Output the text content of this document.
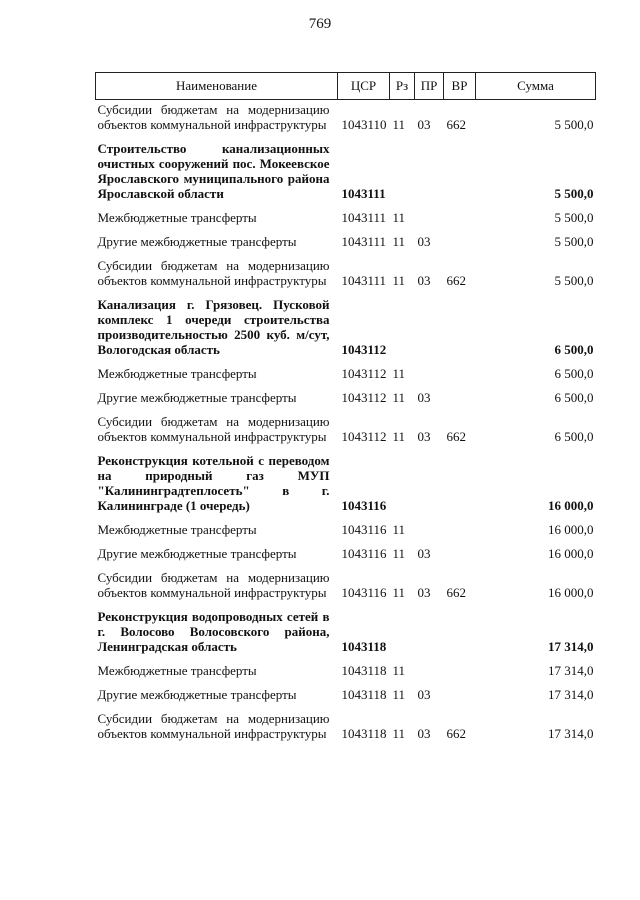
769
Наименование	ЦСР	Рз	ПР	ВР	Сумма
Субсидии бюджетам на модернизацию объектов коммунальной инфраструктуры	1043110	11	03	662	5 500,0
Строительство канализационных очистных сооружений пос. Мокеевское Ярославского муниципального района Ярославской области	1043111				5 500,0
Межбюджетные трансферты	1043111	11			5 500,0
Другие межбюджетные трансферты	1043111	11	03		5 500,0
Субсидии бюджетам на модернизацию объектов коммунальной инфраструктуры	1043111	11	03	662	5 500,0
Канализация г. Грязовец. Пусковой комплекс 1 очереди строительства производительностью 2500 куб. м/сут, Вологодская область	1043112				6 500,0
Межбюджетные трансферты	1043112	11			6 500,0
Другие межбюджетные трансферты	1043112	11	03		6 500,0
Субсидии бюджетам на модернизацию объектов коммунальной инфраструктуры	1043112	11	03	662	6 500,0
Реконструкция котельной с переводом на природный газ МУП "Калининградтеплосеть" в г. Калининграде (1 очередь)	1043116				16 000,0
Межбюджетные трансферты	1043116	11			16 000,0
Другие межбюджетные трансферты	1043116	11	03		16 000,0
Субсидии бюджетам на модернизацию объектов коммунальной инфраструктуры	1043116	11	03	662	16 000,0
Реконструкция водопроводных сетей в г. Волосово Волосовского района, Ленинградская область	1043118				17 314,0
Межбюджетные трансферты	1043118	11			17 314,0
Другие межбюджетные трансферты	1043118	11	03		17 314,0
Субсидии бюджетам на модернизацию объектов коммунальной инфраструктуры	1043118	11	03	662	17 314,0
